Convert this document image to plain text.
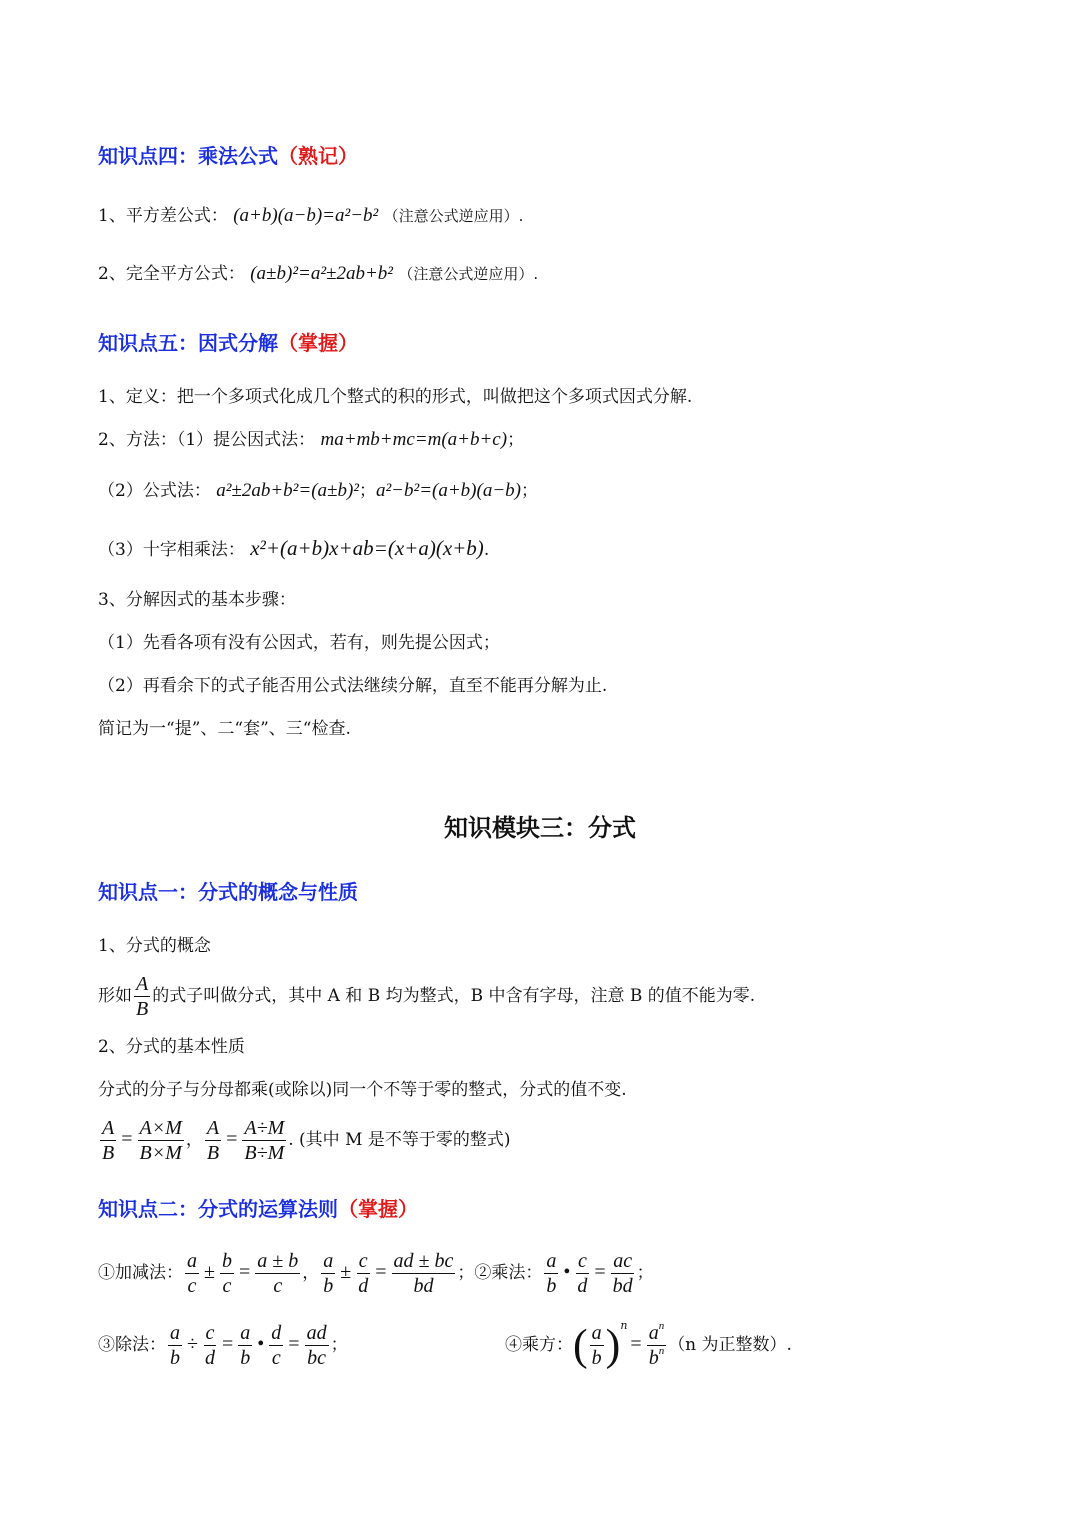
知识点四：乘法公式（熟记）
1、平方差公式： (a+b)(a−b)=a²−b² （注意公式逆应用）.
2、完全平方公式： (a±b)²=a²±2ab+b² （注意公式逆应用）.
知识点五：因式分解（掌握）
1、定义：把一个多项式化成几个整式的积的形式，叫做把这个多项式因式分解.
2、方法：（1）提公因式法： ma+mb+mc=m(a+b+c)；
（2）公式法： a²±2ab+b²=(a±b)²；a²−b²=(a+b)(a−b)；
（3）十字相乘法： x²+(a+b)x+ab=(x+a)(x+b).
3、分解因式的基本步骤：
（1）先看各项有没有公因式，若有，则先提公因式；
（2）再看余下的式子能否用公式法继续分解，直至不能再分解为止.
简记为一“提”、二“套”、三“检查.
知识模块三：分式
知识点一：分式的概念与性质
1、分式的概念
形如 $\frac{A}{B}$ 的式子叫做分式，其中 A 和 B 均为整式，B 中含有字母，注意 B 的值不能为零.
2、分式的基本性质
分式的分子与分母都乘(或除以)同一个不等于零的整式，分式的值不变.
$\frac{A}{B} = \frac{A\times M}{B\times M}$ ， $\frac{A}{B} = \frac{A\div M}{B\div M}$ . (其中 M 是不等于零的整式)
知识点二：分式的运算法则（掌握）
①加减法： $\frac{a}{c} \pm \frac{b}{c} = \frac{a \pm b}{c}$ ， $\frac{a}{b} \pm \frac{c}{d} = \frac{ad \pm bc}{bd}$ ；②乘法： $\frac{a}{b}$ • $\frac{c}{d} = \frac{ac}{bd}$ ；
③除法： $\frac{a}{b} \div \frac{c}{d} = \frac{a}{b}$ • $\frac{d}{c} = \frac{ad}{bc}$ ；	④乘方：( $\frac{a}{b} )^n= \frac{a^n}{b^n} (n$ 为正整数）.
